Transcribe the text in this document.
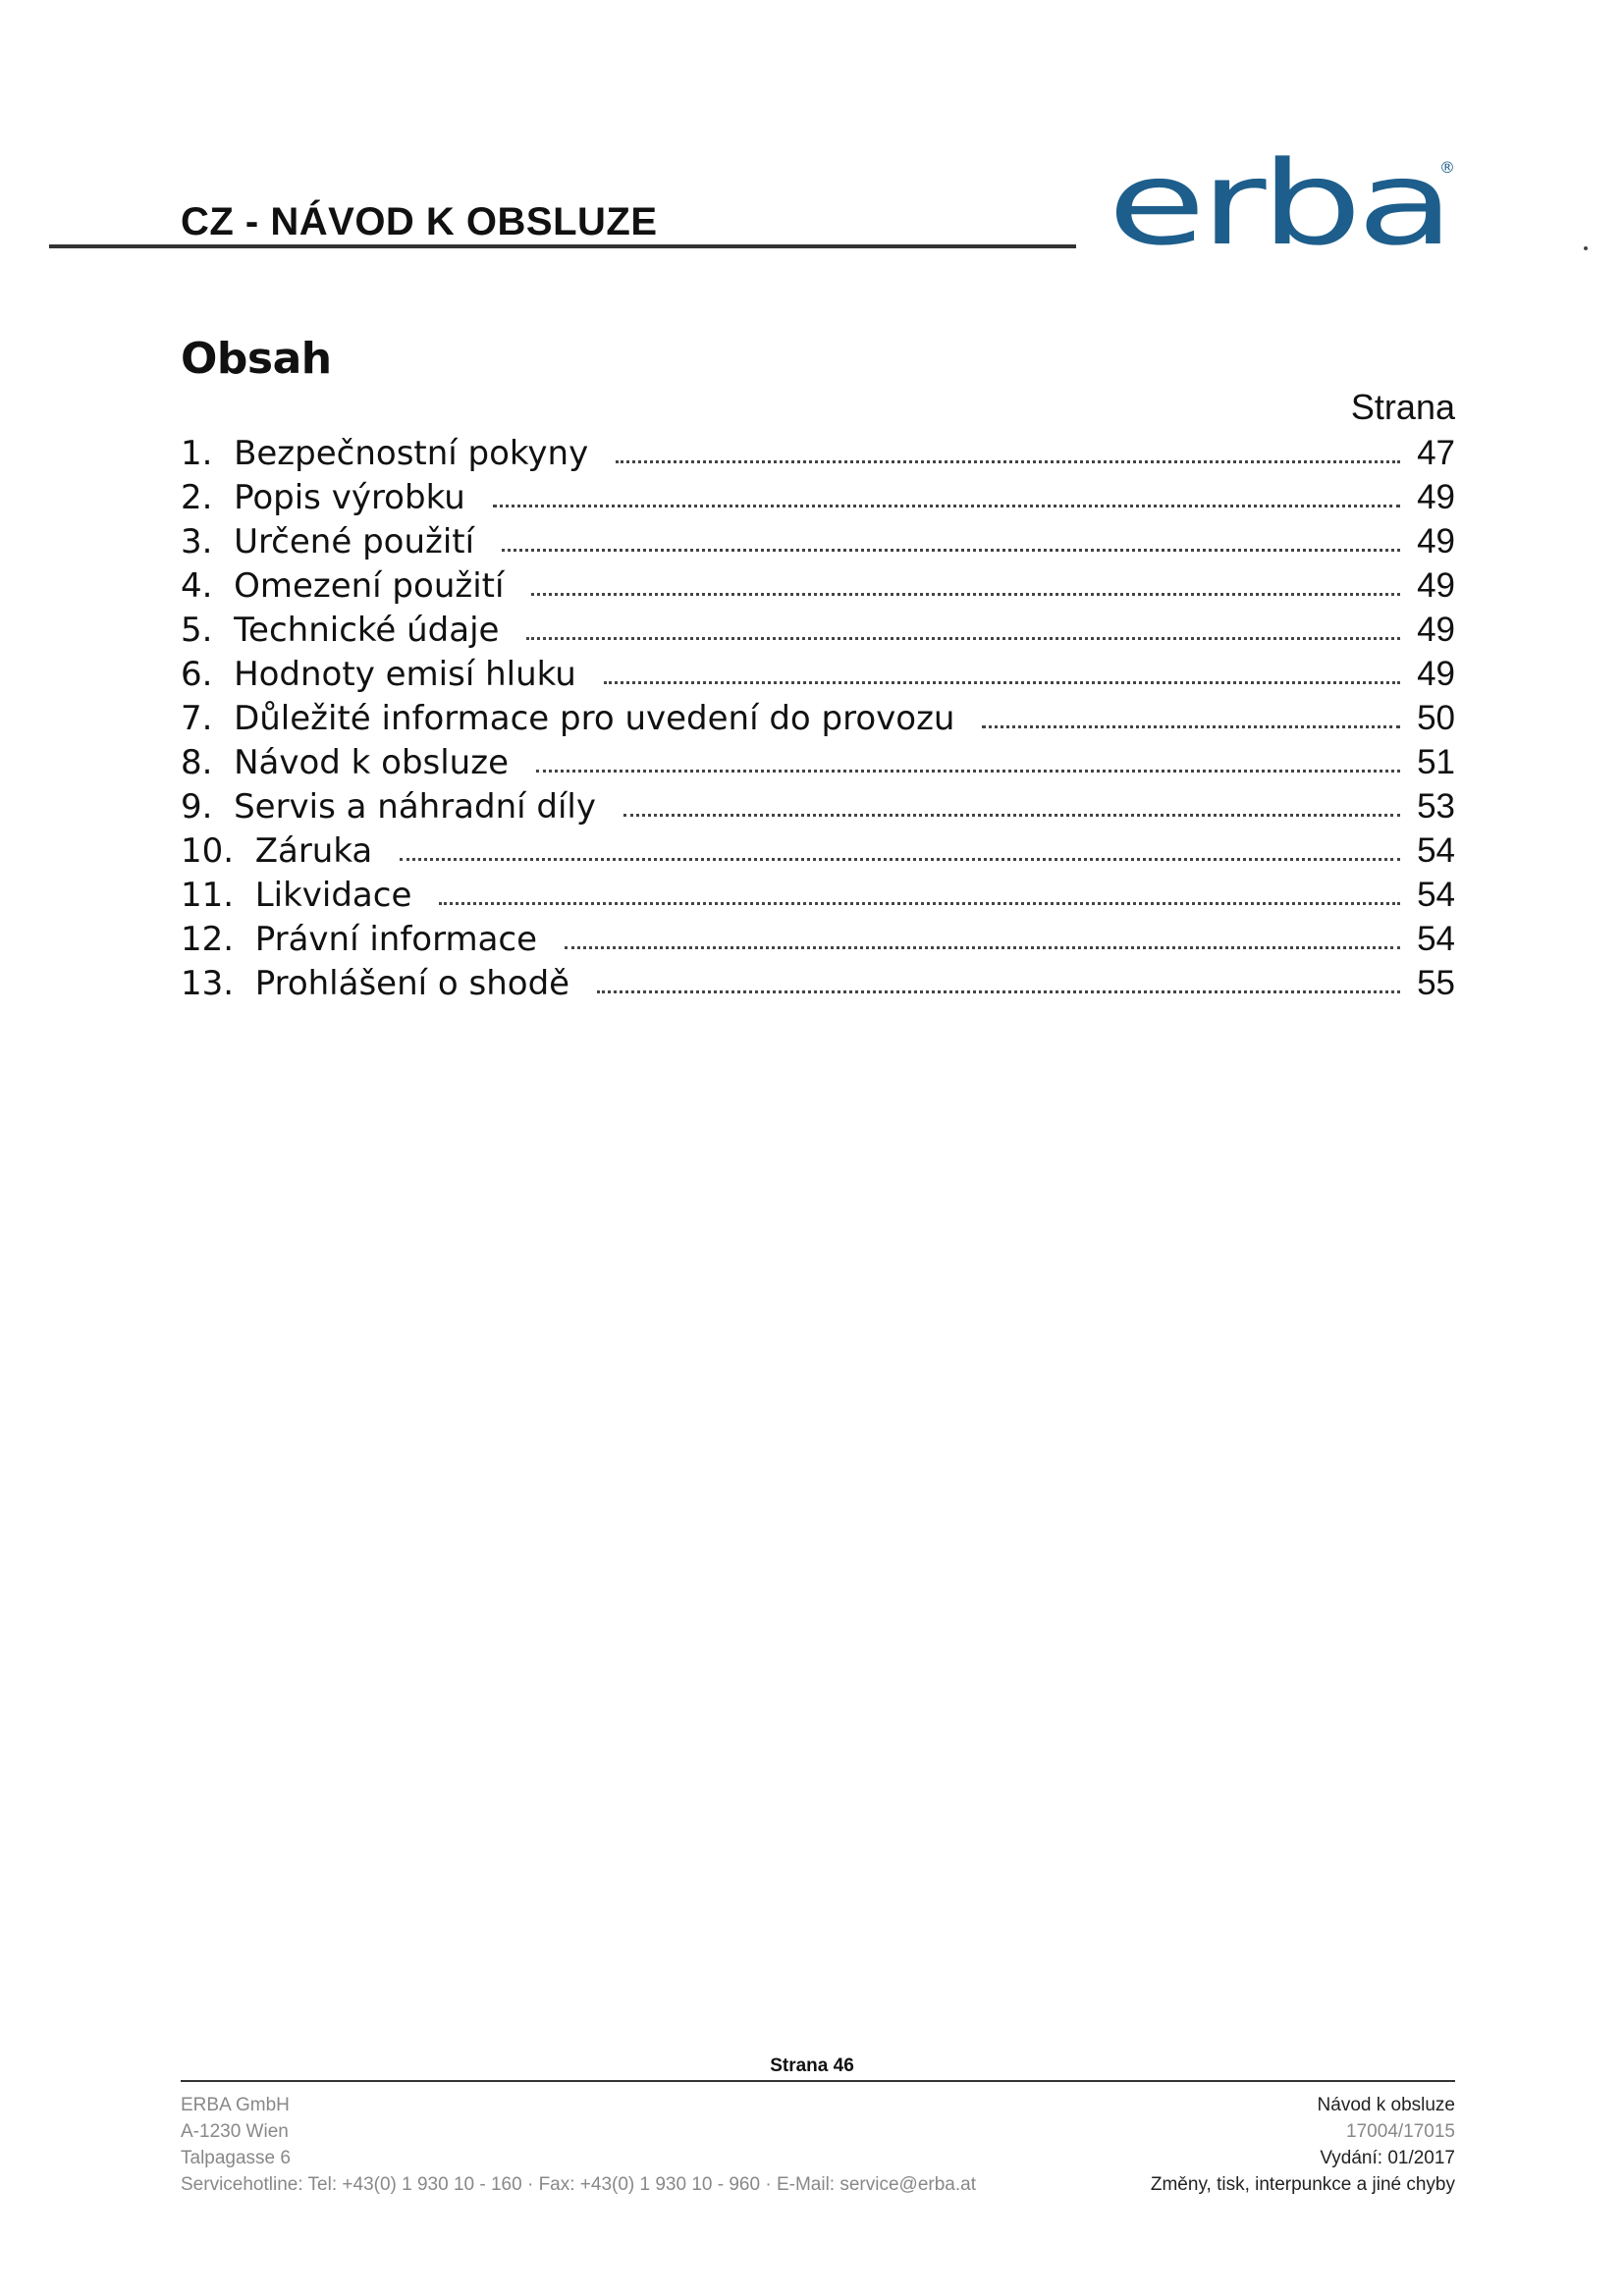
CZ - NÁVOD K OBSLUZE	erba
®
Obsah
Strana
1. Bezpečnostní pokyny	47
2. Popis výrobku	49
3. Určené použití	49
4. Omezení použití	49
5. Technické údaje	49
6. Hodnoty emisí hluku	49
7. Důležité informace pro uvedení do provozu	50
8. Návod k obsluze	51
9. Servis a náhradní díly	53
10. Záruka	54
11. Likvidace	54
12. Právní informace	54
13. Prohlášení o shodě	55
Strana 46
ERBA GmbH
A-1230 Wien
Talpagasse 6
Servicehotline: Tel: +43(0) 1 930 10 - 160 · Fax: +43(0) 1 930 10 - 960 · E-Mail: service@erba.at
Návod k obsluze
17004/17015
Vydání: 01/2017
Změny, tisk, interpunkce a jiné chyby
